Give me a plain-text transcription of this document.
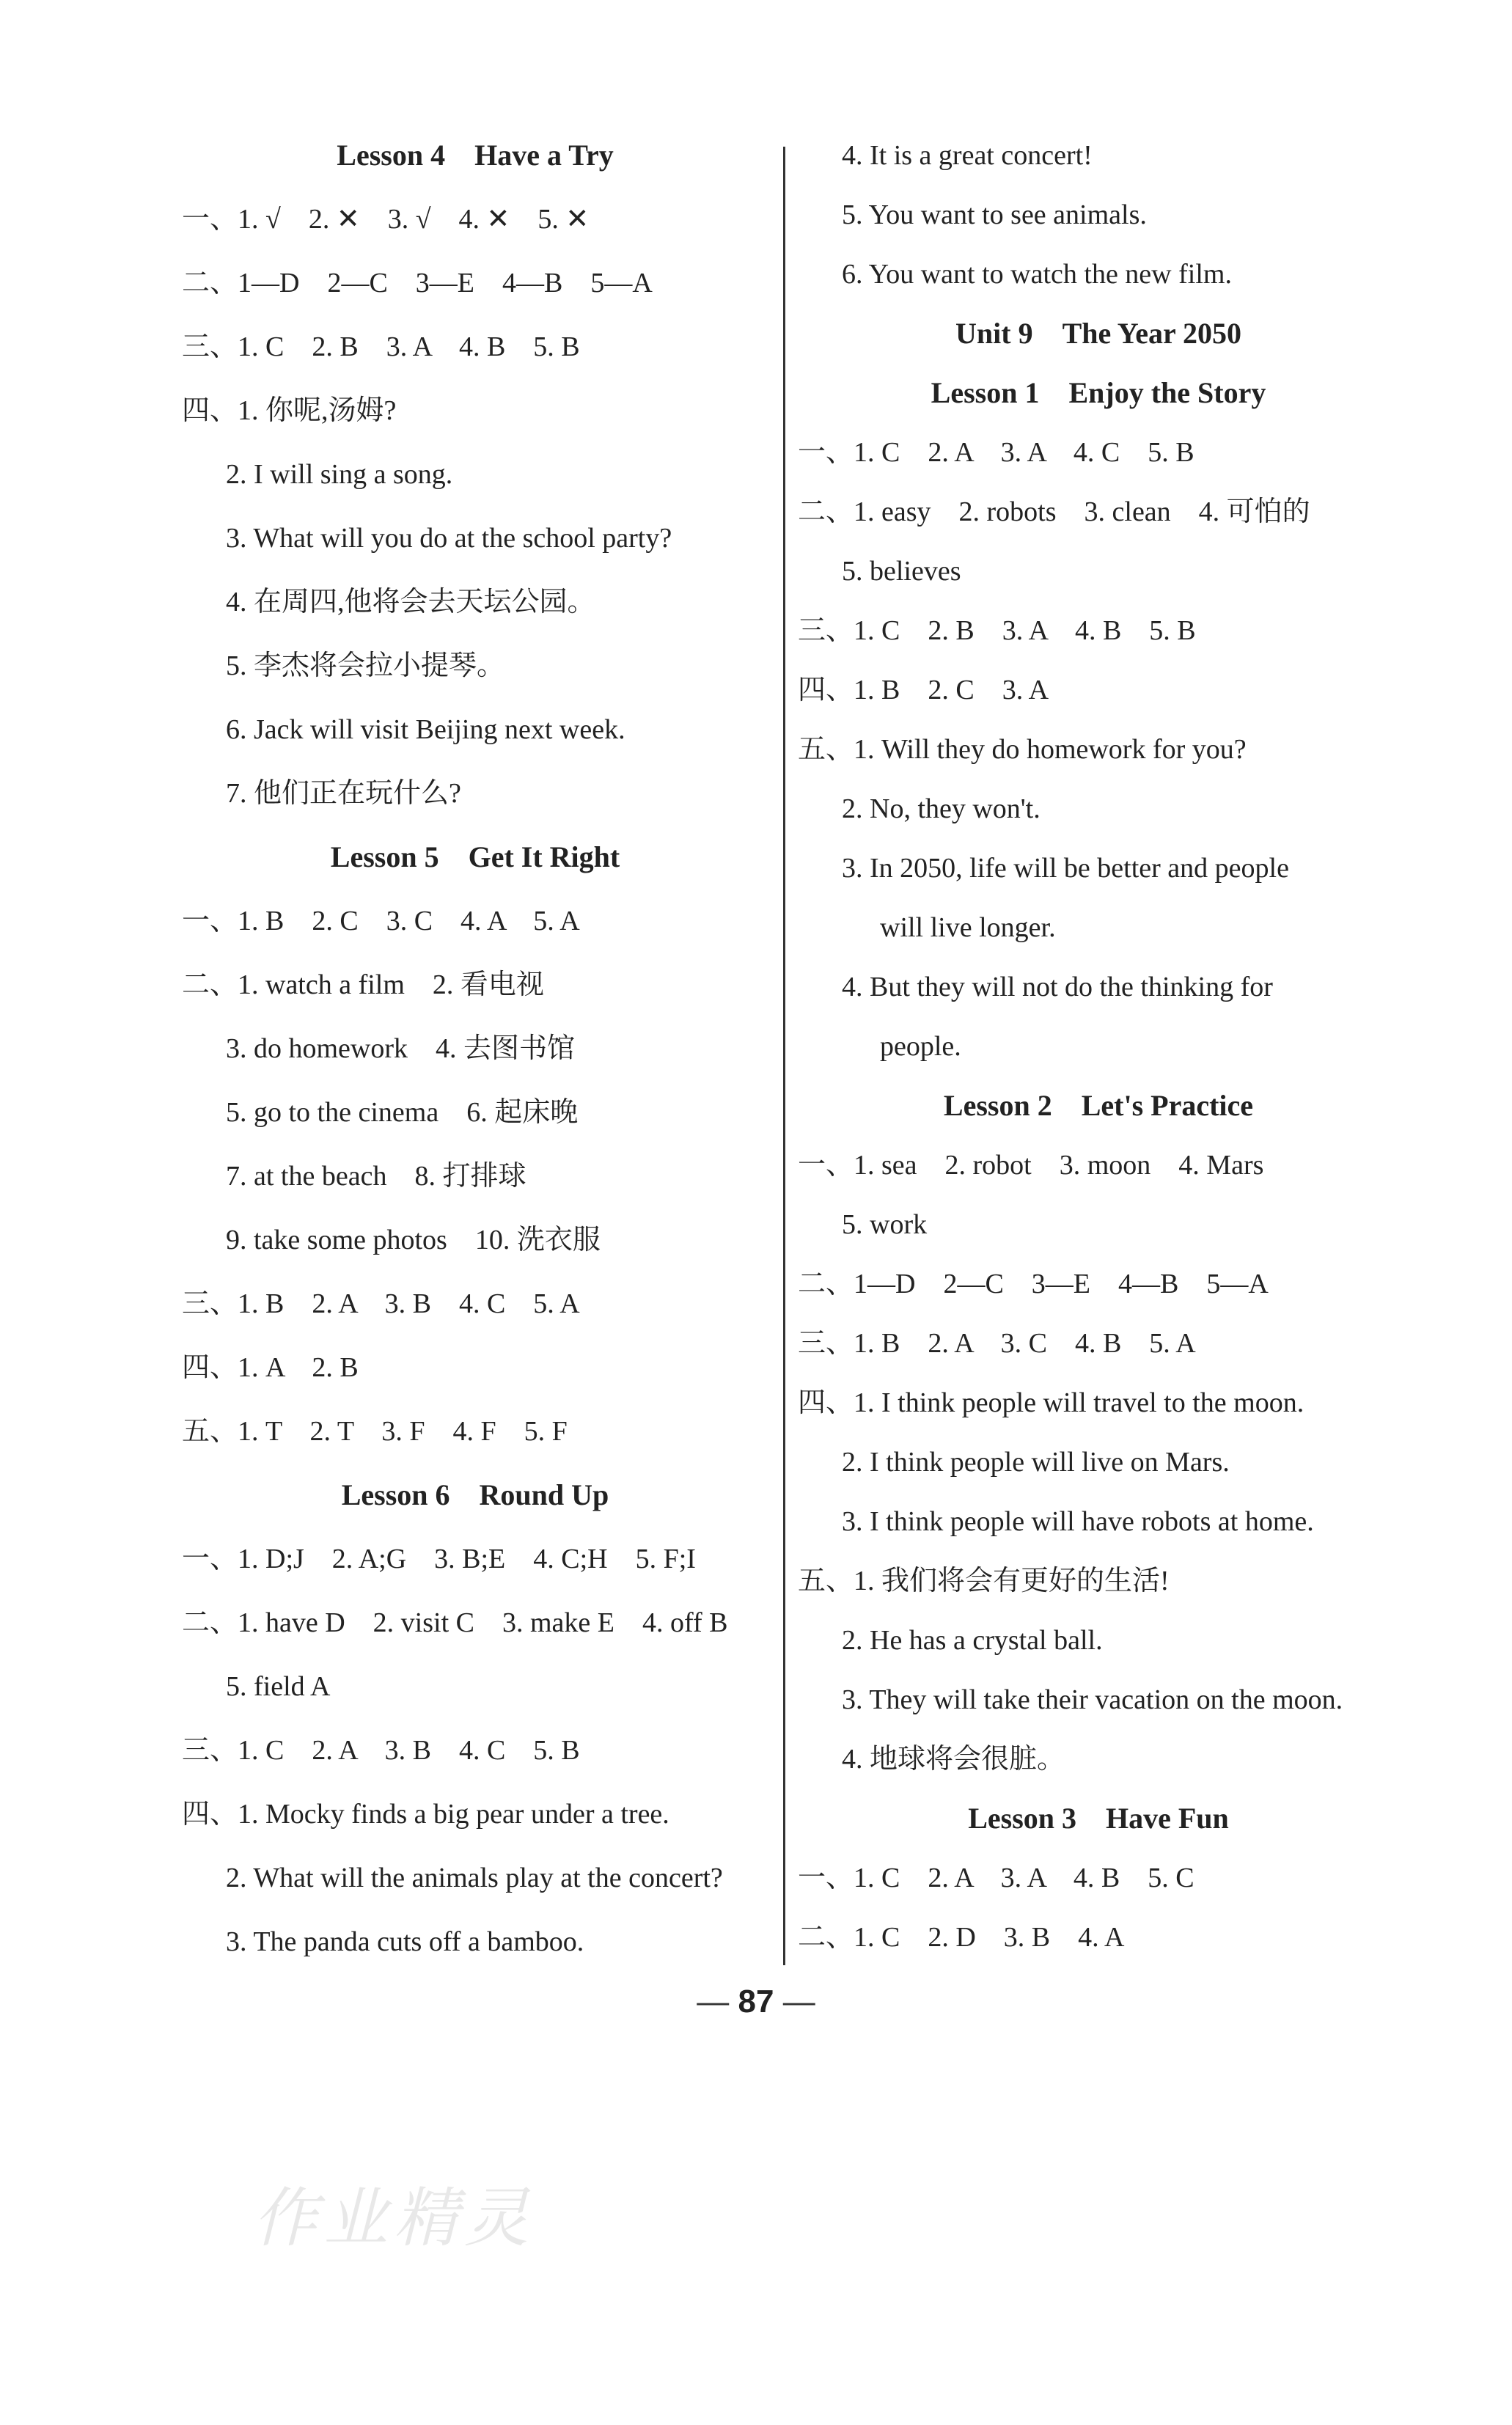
Lesson 4　Have a Try
一、1. √　2. ✕　3. √　4. ✕　5. ✕
二、1—D　2—C　3—E　4—B　5—A
三、1. C　2. B　3. A　4. B　5. B
四、1. 你呢,汤姆?
2. I will sing a song.
3. What will you do at the school party?
4. 在周四,他将会去天坛公园。
5. 李杰将会拉小提琴。
6. Jack will visit Beijing next week.
7. 他们正在玩什么?
Lesson 5　Get It Right
一、1. B　2. C　3. C　4. A　5. A
二、1. watch a film　2. 看电视
3. do homework　4. 去图书馆
5. go to the cinema　6. 起床晚
7. at the beach　8. 打排球
9. take some photos　10. 洗衣服
三、1. B　2. A　3. B　4. C　5. A
四、1. A　2. B
五、1. T　2. T　3. F　4. F　5. F
Lesson 6　Round Up
一、1. D;J　2. A;G　3. B;E　4. C;H　5. F;I
二、1. have D　2. visit C　3. make E　4. off B
5. field A
三、1. C　2. A　3. B　4. C　5. B
四、1. Mocky finds a big pear under a tree.
2. What will the animals play at the concert?
3. The panda cuts off a bamboo.
4. It is a great concert!
5. You want to see animals.
6. You want to watch the new film.
Unit 9　The Year 2050
Lesson 1　Enjoy the Story
一、1. C　2. A　3. A　4. C　5. B
二、1. easy　2. robots　3. clean　4. 可怕的
5. believes
三、1. C　2. B　3. A　4. B　5. B
四、1. B　2. C　3. A
五、1. Will they do homework for you?
2. No, they won't.
3. In 2050, life will be better and people
will live longer.
4. But they will not do the thinking for
people.
Lesson 2　Let's Practice
一、1. sea　2. robot　3. moon　4. Mars
5. work
二、1—D　2—C　3—E　4—B　5—A
三、1. B　2. A　3. C　4. B　5. A
四、1. I think people will travel to the moon.
2. I think people will live on Mars.
3. I think people will have robots at home.
五、1. 我们将会有更好的生活!
2. He has a crystal ball.
3. They will take their vacation on the moon.
4. 地球将会很脏。
Lesson 3　Have Fun
一、1. C　2. A　3. A　4. B　5. C
二、1. C　2. D　3. B　4. A
— 87 —
作业精灵
